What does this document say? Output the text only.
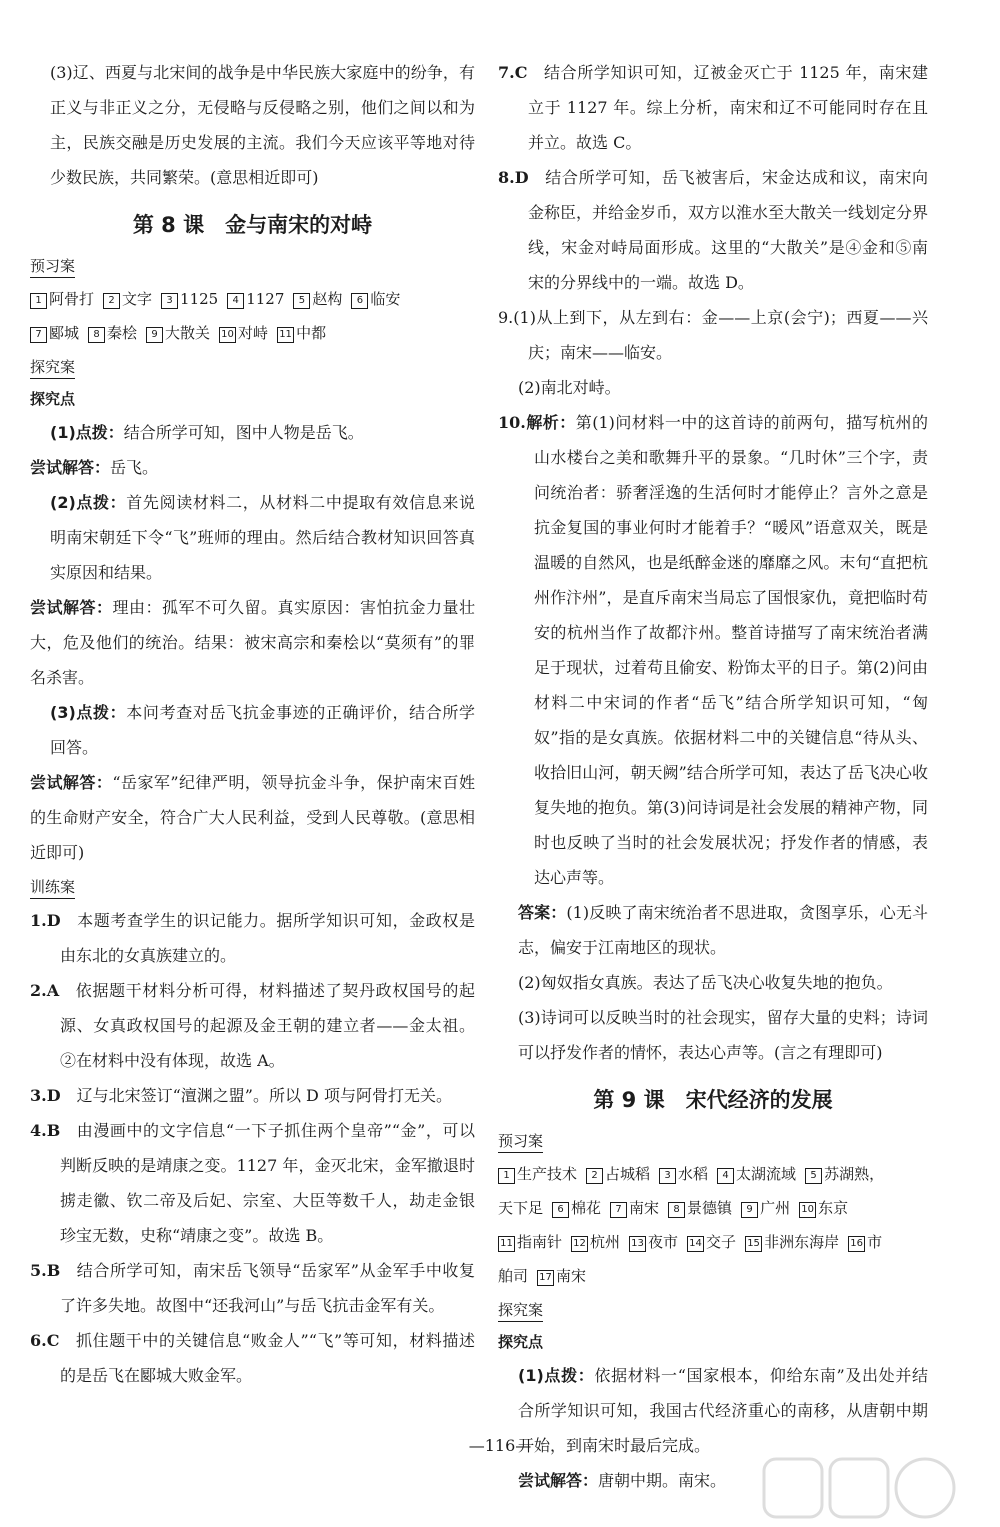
(3)辽、西夏与北宋间的战争是中华民族大家庭中的纷争，有正义与非正义之分，无侵略与反侵略之别，他们之间以和为主，民族交融是历史发展的主流。我们今天应该平等地对待少数民族，共同繁荣。(意思相近即可)

第 8 课　金与南宋的对峙
预习案

1 阿骨打 2 文字 3 1125 4 1127 5 赵构 6 临安

7 郾城 8 秦桧 9 大散关 10 对峙 11 中都

探究案

探究点

(1)点拨：结合所学可知，图中人物是岳飞。

尝试解答：岳飞。

(2)点拨：首先阅读材料二，从材料二中提取有效信息来说明南宋朝廷下令“飞”班师的理由。然后结合教材知识回答真实原因和结果。

尝试解答：理由：孤军不可久留。真实原因：害怕抗金力量壮大，危及他们的统治。结果：被宋高宗和秦桧以“莫须有”的罪名杀害。

(3)点拨：本问考查对岳飞抗金事迹的正确评价，结合所学回答。

尝试解答：“岳家军”纪律严明，领导抗金斗争，保护南宋百姓的生命财产安全，符合广大人民利益，受到人民尊敬。(意思相近即可)

训练案

1.D  本题考查学生的识记能力。据所学知识可知，金政权是由东北的女真族建立的。

2.A  依据题干材料分析可得，材料描述了契丹政权国号的起源、女真政权国号的起源及金王朝的建立者——金太祖。②在材料中没有体现，故选 A。

3.D  辽与北宋签订“澶渊之盟”。所以 D 项与阿骨打无关。

4.B  由漫画中的文字信息“一下子抓住两个皇帝”“金”，可以判断反映的是靖康之变。1127 年，金灭北宋，金军撤退时掳走徽、钦二帝及后妃、宗室、大臣等数千人，劫走金银珍宝无数，史称“靖康之变”。故选 B。

5.B  结合所学可知，南宋岳飞领导“岳家军”从金军手中收复了许多失地。故图中“还我河山”与岳飞抗击金军有关。

6.C  抓住题干中的关键信息“败金人”“飞”等可知，材料描述的是岳飞在郾城大败金军。

7.C  结合所学知识可知，辽被金灭亡于 1125 年，南宋建立于 1127 年。综上分析，南宋和辽不可能同时存在且并立。故选 C。

8.D  结合所学可知，岳飞被害后，宋金达成和议，南宋向金称臣，并给金岁币，双方以淮水至大散关一线划定分界线，宋金对峙局面形成。这里的“大散关”是④金和⑤南宋的分界线中的一端。故选 D。

9.(1)从上到下，从左到右：金——上京(会宁)；西夏——兴庆；南宋——临安。

(2)南北对峙。

10.解析：第(1)问材料一中的这首诗的前两句，描写杭州的山水楼台之美和歌舞升平的景象。“几时休”三个字，责问统治者：骄奢淫逸的生活何时才能停止？言外之意是抗金复国的事业何时才能着手？“暖风”语意双关，既是温暖的自然风，也是纸醉金迷的靡靡之风。末句“直把杭州作汴州”，是直斥南宋当局忘了国恨家仇，竟把临时苟安的杭州当作了故都汴州。整首诗描写了南宋统治者满足于现状，过着苟且偷安、粉饰太平的日子。第(2)问由材料二中宋词的作者“岳飞”结合所学知识可知，“匈奴”指的是女真族。依据材料二中的关键信息“待从头、收拾旧山河，朝天阙”结合所学可知，表达了岳飞决心收复失地的抱负。第(3)问诗词是社会发展的精神产物，同时也反映了当时的社会发展状况；抒发作者的情感，表达心声等。

答案：(1)反映了南宋统治者不思进取，贪图享乐，心无斗志，偏安于江南地区的现状。

(2)匈奴指女真族。表达了岳飞决心收复失地的抱负。

(3)诗词可以反映当时的社会现实，留存大量的史料；诗词可以抒发作者的情怀，表达心声等。(言之有理即可)

第 9 课　宋代经济的发展
预习案

1 生产技术 2 占城稻 3 水稻 4 太湖流域 5 苏湖熟，

天下足 6 棉花 7 南宋 8 景德镇 9 广州 10 东京

11 指南针 12 杭州 13 夜市 14 交子 15 非洲东海岸 16 市

舶司 17 南宋

探究案

探究点

(1)点拨：依据材料一“国家根本，仰给东南”及出处并结合所学知识可知，我国古代经济重心的南移，从唐朝中期开始，到南宋时最后完成。

尝试解答：唐朝中期。南宋。

—116—
